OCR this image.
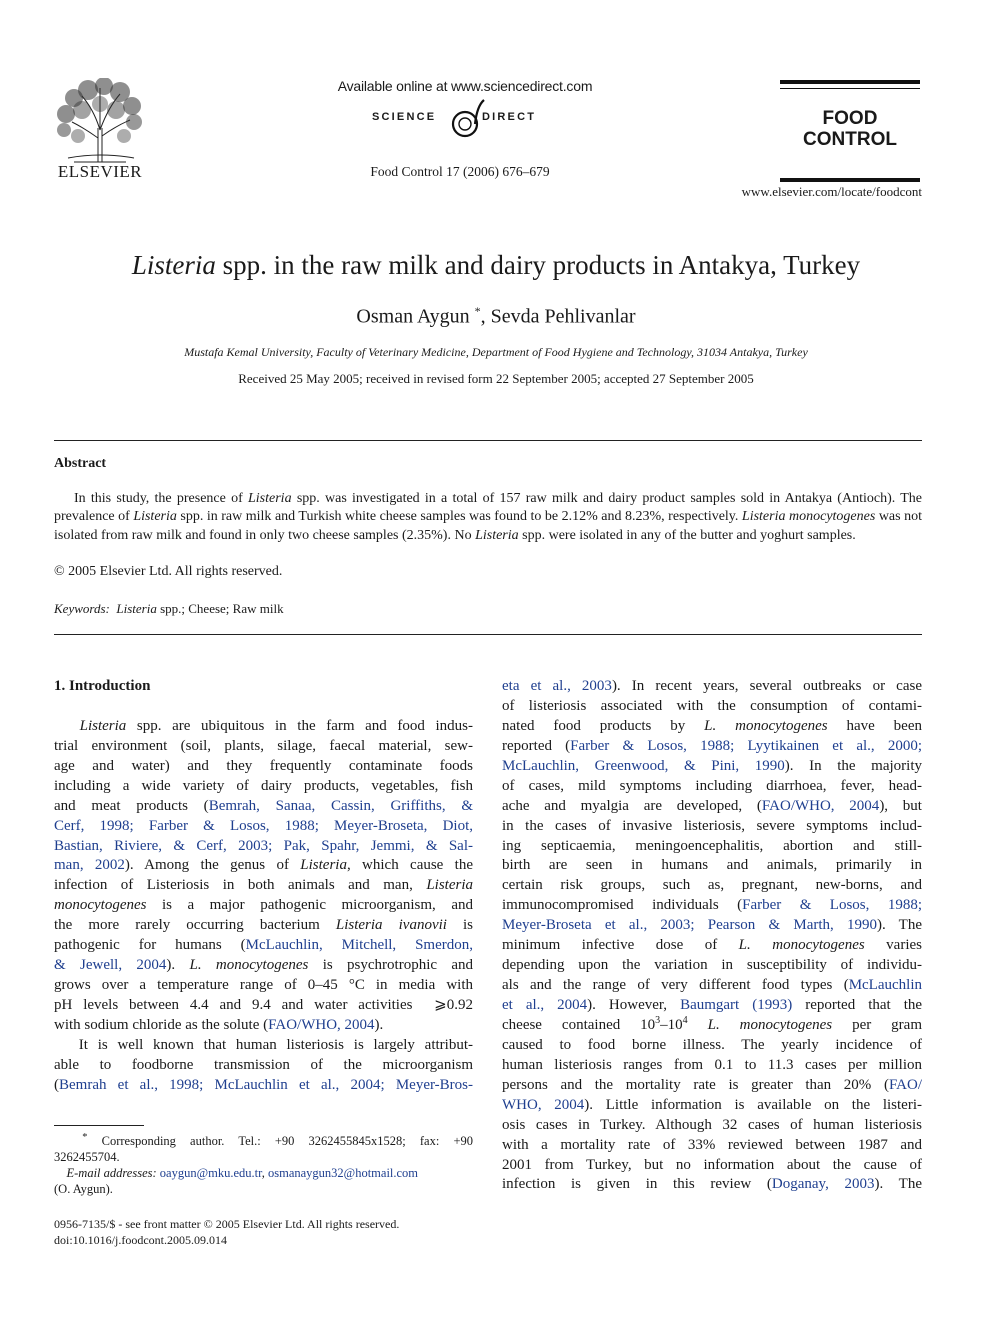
ELSEVIER
Available online at www.sciencedirect.com
SCIENCE	DIRECT
Food Control 17 (2006) 676–679
FOOD
CONTROL
www.elsevier.com/locate/foodcont
Listeria spp. in the raw milk and dairy products in Antakya, Turkey
Osman Aygun *, Sevda Pehlivanlar
Mustafa Kemal University, Faculty of Veterinary Medicine, Department of Food Hygiene and Technology, 31034 Antakya, Turkey
Received 25 May 2005; received in revised form 22 September 2005; accepted 27 September 2005
Abstract

In this study, the presence of Listeria spp. was investigated in a total of 157 raw milk and dairy product samples sold in Antakya (Antioch). The prevalence of Listeria spp. in raw milk and Turkish white cheese samples was found to be 2.12% and 8.23%, respectively. Listeria monocytogenes was not isolated from raw milk and found in only two cheese samples (2.35%). No Listeria spp. were isolated in any of the butter and yoghurt samples.

© 2005 Elsevier Ltd. All rights reserved.
Keywords: Listeria spp.; Cheese; Raw milk
1. Introduction
  Listeria spp. are ubiquitous in the farm and food indus-
trial environment (soil, plants, silage, faecal material, sew-
age and water) and they frequently contaminate foods
including a wide variety of dairy products, vegetables, fish
and meat products (Bemrah, Sanaa, Cassin, Griffiths, &
Cerf, 1998; Farber & Losos, 1988; Meyer-Broseta, Diot,
Bastian, Riviere, & Cerf, 2003; Pak, Spahr, Jemmi, & Sal-
man, 2002). Among the genus of Listeria, which cause the
infection of Listeriosis in both animals and man, Listeria
monocytogenes is a major pathogenic microorganism, and
the more rarely occurring bacterium Listeria ivanovii is
pathogenic for humans (McLauchlin, Mitchell, Smerdon,
& Jewell, 2004). L. monocytogenes is psychrotrophic and
grows over a temperature range of 0–45 °C in media with
pH levels between 4.4 and 9.4 and water activities  ⩾0.92
with sodium chloride as the solute (FAO/WHO, 2004).
  It is well known that human listeriosis is largely attribut-
able to foodborne transmission of the microorganism
(Bemrah et al., 1998; McLauchlin et al., 2004; Meyer-Bros-
eta et al., 2003). In recent years, several outbreaks or case
of listeriosis associated with the consumption of contami-
nated food products by L. monocytogenes have been
reported (Farber & Losos, 1988; Lyytikainen et al., 2000;
McLauchlin, Greenwood, & Pini, 1990). In the majority
of cases, mild symptoms including diarrhoea, fever, head-
ache and myalgia are developed, (FAO/WHO, 2004), but
in the cases of invasive listeriosis, severe symptoms includ-
ing septicaemia, meningoencephalitis, abortion and still-
birth are seen in humans and animals, primarily in
certain risk groups, such as, pregnant, new-borns, and
immunocompromised individuals (Farber & Losos, 1988;
Meyer-Broseta et al., 2003; Pearson & Marth, 1990). The
minimum infective dose of L. monocytogenes varies
depending upon the variation in susceptibility of individu-
als and the range of very different food types (McLauchlin
et al., 2004). However, Baumgart (1993) reported that the
cheese contained $10^3-10^4$ L. monocytogenes per gram
caused to food borne illness. The yearly incidence of
human listeriosis ranges from 0.1 to 11.3 cases per million
persons and the mortality rate is greater than 20% (FAO/
WHO, 2004). Little information is available on the listeri-
osis cases in Turkey. Although 32 cases of human listeriosis
with a mortality rate of 33% reviewed between 1987 and
2001 from Turkey, but no information about the cause of
infection is given in this review (Doganay, 2003). The
* Corresponding author. Tel.: +90 3262455845x1528; fax: +90
3262455704.
 E-mail addresses: oaygun@mku.edu.tr, osmanaygun32@hotmail.com
(O. Aygun).
0956-7135/$ - see front matter © 2005 Elsevier Ltd. All rights reserved.
doi:10.1016/j.foodcont.2005.09.014
